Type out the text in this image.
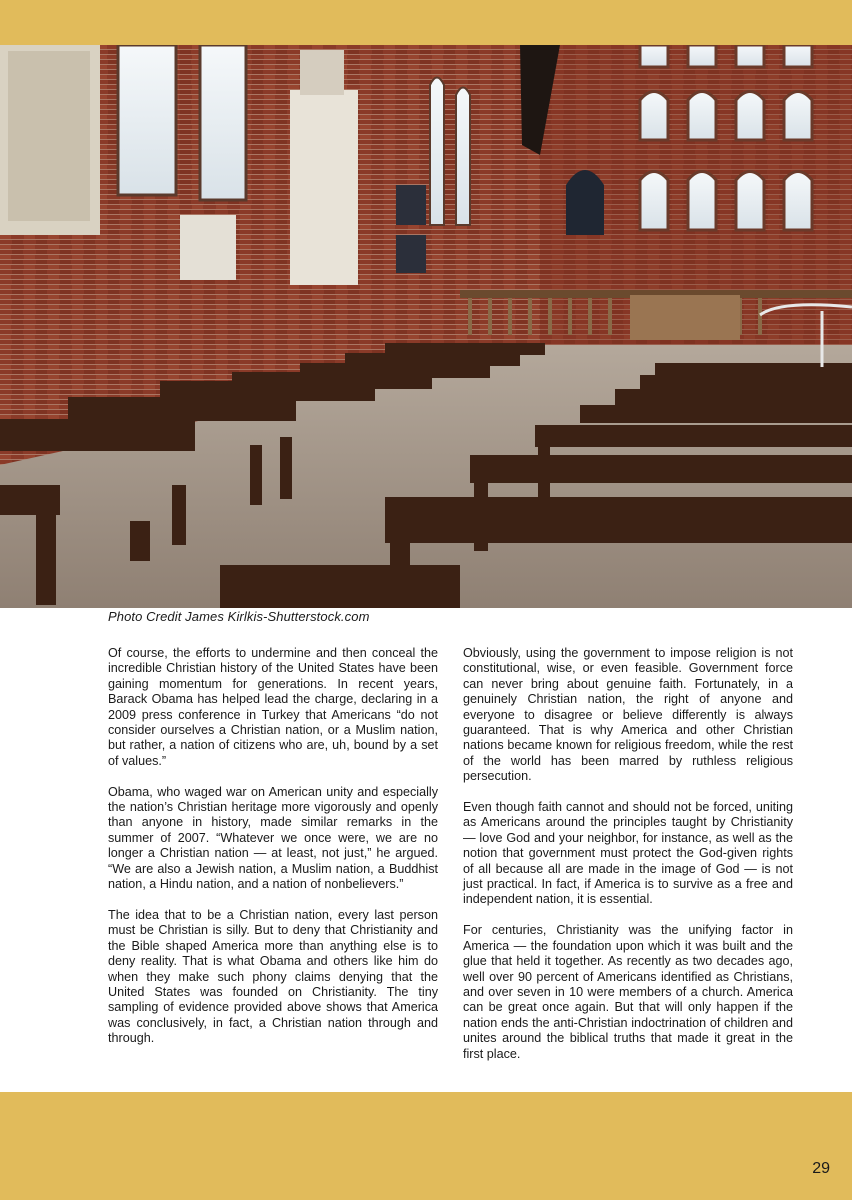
Photo Credit James Kirlkis-Shutterstock.com

Of course, the efforts to undermine and then conceal the incredible Christian history of the United States have been gaining momentum for generations. In recent years, Barack Obama has helped lead the charge, declaring in a 2009 press conference in Turkey that Americans “do not consider ourselves a Christian nation, or a Muslim nation, but rather, a nation of citizens who are, uh, bound by a set of values.”

Obama, who waged war on American unity and especially the nation’s Christian heritage more vigorously and openly than anyone in history, made similar remarks in the summer of 2007. “Whatever we once were, we are no longer a Christian nation — at least, not just,” he argued. “We are also a Jewish nation, a Muslim nation, a Buddhist nation, a Hindu nation, and a nation of nonbelievers.”

The idea that to be a Christian nation, every last person must be Christian is silly. But to deny that Christianity and the Bible shaped America more than anything else is to deny reality. That is what Obama and others like him do when they make such phony claims denying that the United States was founded on Christianity. The tiny sampling of evidence provided above shows that America was conclusively, in fact, a Christian nation through and through.

Obviously, using the government to impose religion is not constitutional, wise, or even feasible. Government force can never bring about genuine faith. Fortunately, in a genuinely Christian nation, the right of anyone and everyone to disagree or believe differently is always guaranteed. That is why America and other Christian nations became known for religious freedom, while the rest of the world has been marred by ruthless religious persecution.

Even though faith cannot and should not be forced, uniting as Americans around the principles taught by Christianity — love God and your neighbor, for instance, as well as the notion that government must protect the God-given rights of all because all are made in the image of God — is not just practical. In fact, if America is to survive as a free and independent nation, it is essential.

For centuries, Christianity was the unifying factor in America — the foundation upon which it was built and the glue that held it together. As recently as two decades ago, well over 90 percent of Americans identified as Christians, and over seven in 10 were members of a church. America can be great once again. But that will only happen if the nation ends the anti-Christian indoctrination of children and unites around the biblical truths that made it great in the first place.

29
